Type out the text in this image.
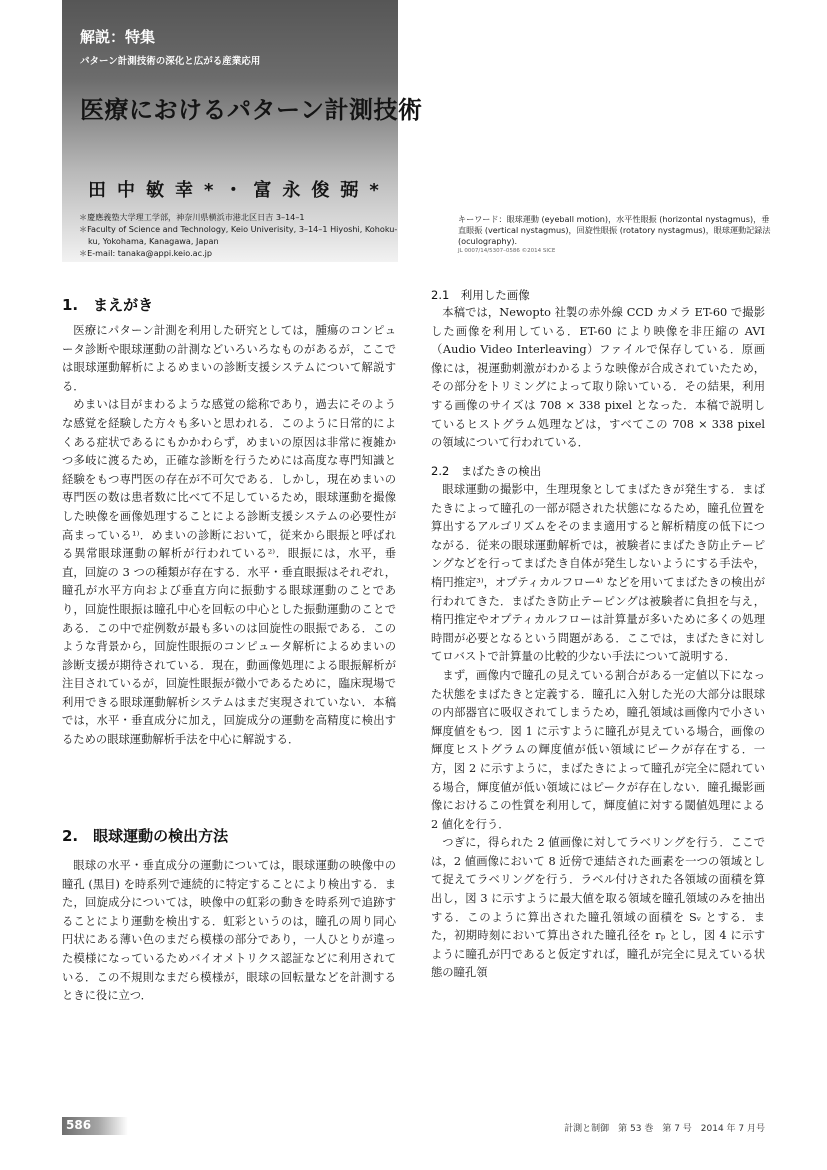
解説：特集

パターン計測技術の深化と広がる産業応用

医療におけるパターン計測技術

田中敏幸*・富永俊弼*

＊慶應義塾大学理工学部，神奈川県横浜市港北区日吉 3–14–1

＊Faculty of Science and Technology, Keio Univerisity, 3–14–1 Hiyoshi, Kohoku-ku, Yokohama, Kanagawa, Japan

＊E-mail: tanaka@appi.keio.ac.jp

キーワード：眼球運動 (eyeball motion)，水平性眼振 (horizontal nystagmus)，垂直眼振 (vertical nystagmus)，回旋性眼振 (rotatory nystagmus)，眼球運動記録法 (oculography).

JL 0007/14/5307–0586 ©2014 SICE

1.　まえがき

医療にパターン計測を利用した研究としては，腫瘍のコンピュータ診断や眼球運動の計測などいろいろなものがあるが，ここでは眼球運動解析によるめまいの診断支援システムについて解説する．

めまいは目がまわるような感覚の総称であり，過去にそのような感覚を経験した方々も多いと思われる．このように日常的によくある症状であるにもかかわらず，めまいの原因は非常に複雑かつ多岐に渡るため，正確な診断を行うためには高度な専門知識と経験をもつ専門医の存在が不可欠である．しかし，現在めまいの専門医の数は患者数に比べて不足しているため，眼球運動を撮像した映像を画像処理することによる診断支援システムの必要性が高まっている¹⁾．めまいの診断において，従来から眼振と呼ばれる異常眼球運動の解析が行われている²⁾．眼振には，水平，垂直，回旋の 3 つの種類が存在する．水平・垂直眼振はそれぞれ，瞳孔が水平方向および垂直方向に振動する眼球運動のことであり，回旋性眼振は瞳孔中心を回転の中心とした振動運動のことである．この中で症例数が最も多いのは回旋性の眼振である．このような背景から，回旋性眼振のコンピュータ解析によるめまいの診断支援が期待されている．現在，動画像処理による眼振解析が注目されているが，回旋性眼振が微小であるために，臨床現場で利用できる眼球運動解析システムはまだ実現されていない．本稿では，水平・垂直成分に加え，回旋成分の運動を高精度に検出するための眼球運動解析手法を中心に解説する．

2.　眼球運動の検出方法

眼球の水平・垂直成分の運動については，眼球運動の映像中の瞳孔 (黒目) を時系列で連続的に特定することにより検出する．また，回旋成分については，映像中の虹彩の動きを時系列で追跡することにより運動を検出する．虹彩というのは，瞳孔の周り同心円状にある薄い色のまだら模様の部分であり，一人ひとりが違った模様になっているためバイオメトリクス認証などに利用されている．この不規則なまだら模様が，眼球の回転量などを計測するときに役に立つ．

2.1　利用した画像

本稿では，Newopto 社製の赤外線 CCD カメラ ET-60 で撮影した画像を利用している．ET-60 により映像を非圧縮の AVI（Audio Video Interleaving）ファイルで保存している．原画像には，視運動刺激がわかるような映像が合成されていたため，その部分をトリミングによって取り除いている．その結果，利用する画像のサイズは 708 × 338 pixel となった．本稿で説明しているヒストグラム処理などは，すべてこの 708 × 338 pixel の領域について行われている．

2.2　まばたきの検出

眼球運動の撮影中，生理現象としてまばたきが発生する．まばたきによって瞳孔の一部が隠された状態になるため，瞳孔位置を算出するアルゴリズムをそのまま適用すると解析精度の低下につながる．従来の眼球運動解析では，被験者にまばたき防止テーピングなどを行ってまばたき自体が発生しないようにする手法や，楕円推定³⁾，オプティカルフロー⁴⁾ などを用いてまばたきの検出が行われてきた．まばたき防止テーピングは被験者に負担を与え，楕円推定やオプティカルフローは計算量が多いために多くの処理時間が必要となるという問題がある．ここでは，まばたきに対してロバストで計算量の比較的少ない手法について説明する．

まず，画像内で瞳孔の見えている割合がある一定値以下になった状態をまばたきと定義する．瞳孔に入射した光の大部分は眼球の内部器官に吸収されてしまうため，瞳孔領域は画像内で小さい輝度値をもつ．図 1 に示すように瞳孔が見えている場合，画像の輝度ヒストグラムの輝度値が低い領域にピークが存在する．一方，図 2 に示すように，まばたきによって瞳孔が完全に隠れている場合，輝度値が低い領域にはピークが存在しない．瞳孔撮影画像におけるこの性質を利用して，輝度値に対する閾値処理による 2 値化を行う．

つぎに，得られた 2 値画像に対してラベリングを行う．ここでは，2 値画像において 8 近傍で連結された画素を一つの領域として捉えてラベリングを行う．ラベル付けされた各領域の面積を算出し，図 3 に示すように最大値を取る領域を瞳孔領域のみを抽出する．このように算出された瞳孔領域の面積を Sᵥ とする．また，初期時刻において算出された瞳孔径を rₚ とし，図 4 に示すように瞳孔が円であると仮定すれば，瞳孔が完全に見えている状態の瞳孔領

586	計測と制御　第 53 巻　第 7 号　2014 年 7 月号
